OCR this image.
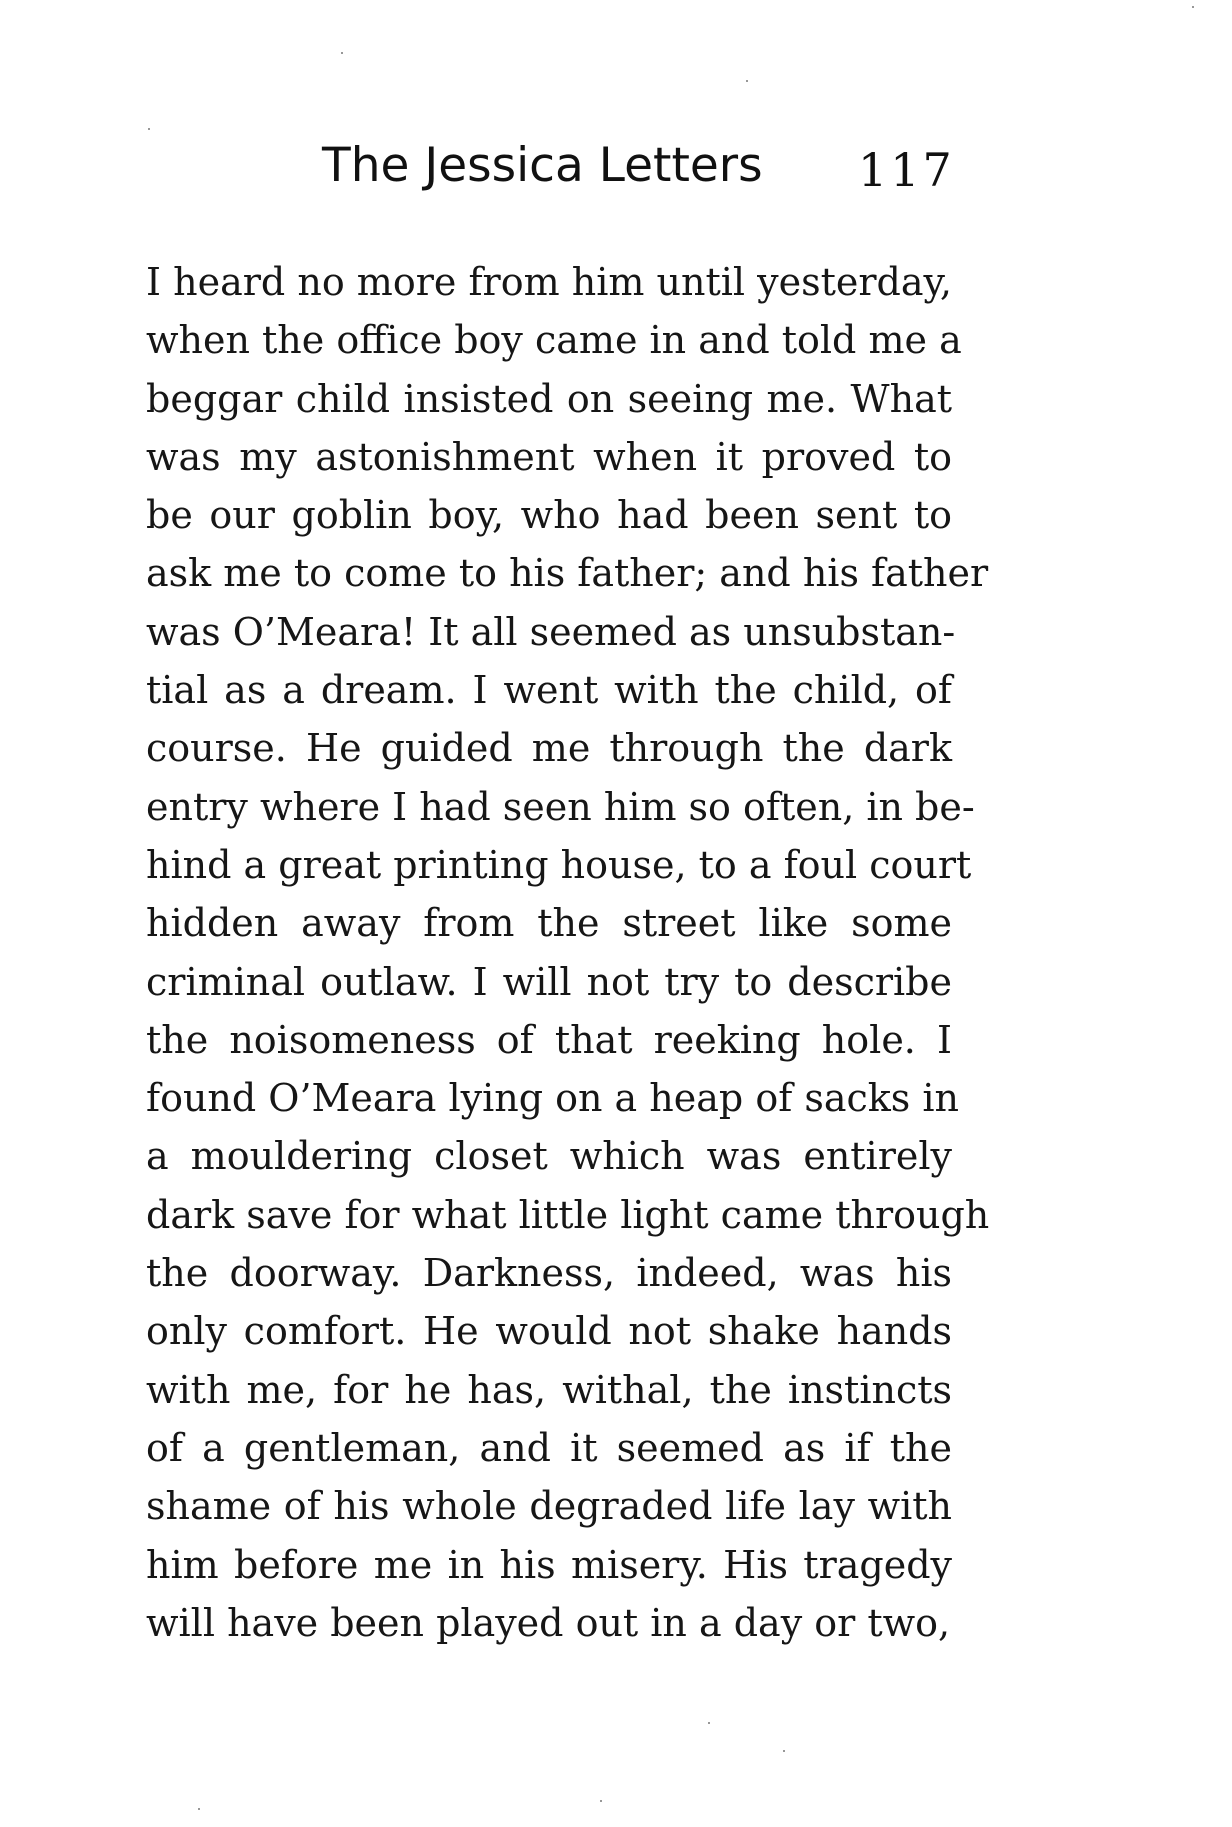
The Jessica Letters 117
I heard no more from him until yesterday,
when the office boy came in and told me a
beggar child insisted on seeing me. What
was my astonishment when it proved to
be our goblin boy, who had been sent to
ask me to come to his father; and his father
was O’Meara! It all seemed as unsubstan-
tial as a dream. I went with the child, of
course. He guided me through the dark
entry where I had seen him so often, in be-
hind a great printing house, to a foul court
hidden away from the street like some
criminal outlaw. I will not try to describe
the noisomeness of that reeking hole. I
found O’Meara lying on a heap of sacks in
a mouldering closet which was entirely
dark save for what little light came through
the doorway. Darkness, indeed, was his
only comfort. He would not shake hands
with me, for he has, withal, the instincts
of a gentleman, and it seemed as if the
shame of his whole degraded life lay with
him before me in his misery. His tragedy
will have been played out in a day or two,
